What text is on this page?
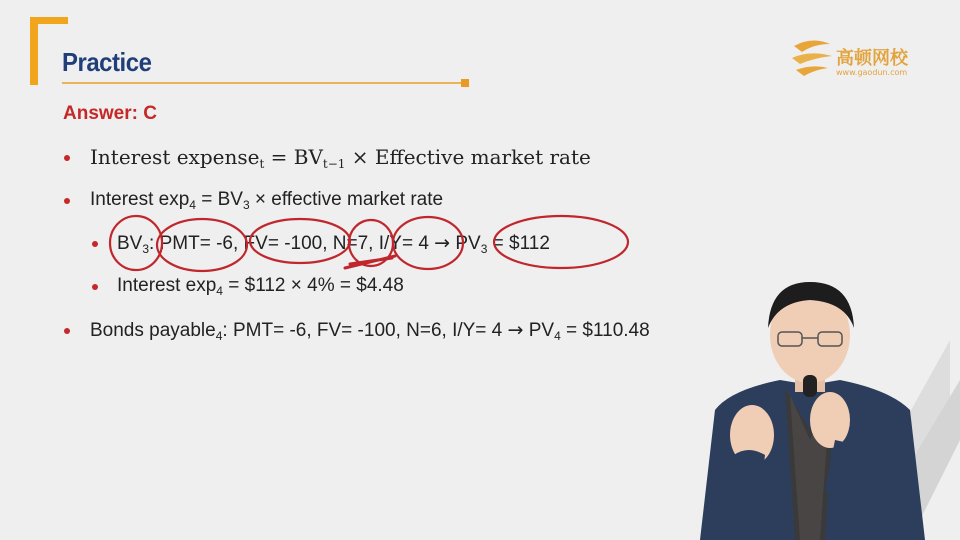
Practice	高顿网校
www.gaodun.com
Answer: C
Interest expense$_t$ = $BV_{t-1}$ × Effective market rate
Interest $\exp_4 = BV_3$ × effective market rate
$BV_3$: PMT= -6, FV= -100, N=7, $I/Y= 4 \to PV_3$ = $112
Interest $\exp_4$ = $112 × 4% = $4.48
Bonds payable$_4$: PMT= -6, FV= -100, N=6, $I/Y= 4 \to PV_4$ = $110.48
